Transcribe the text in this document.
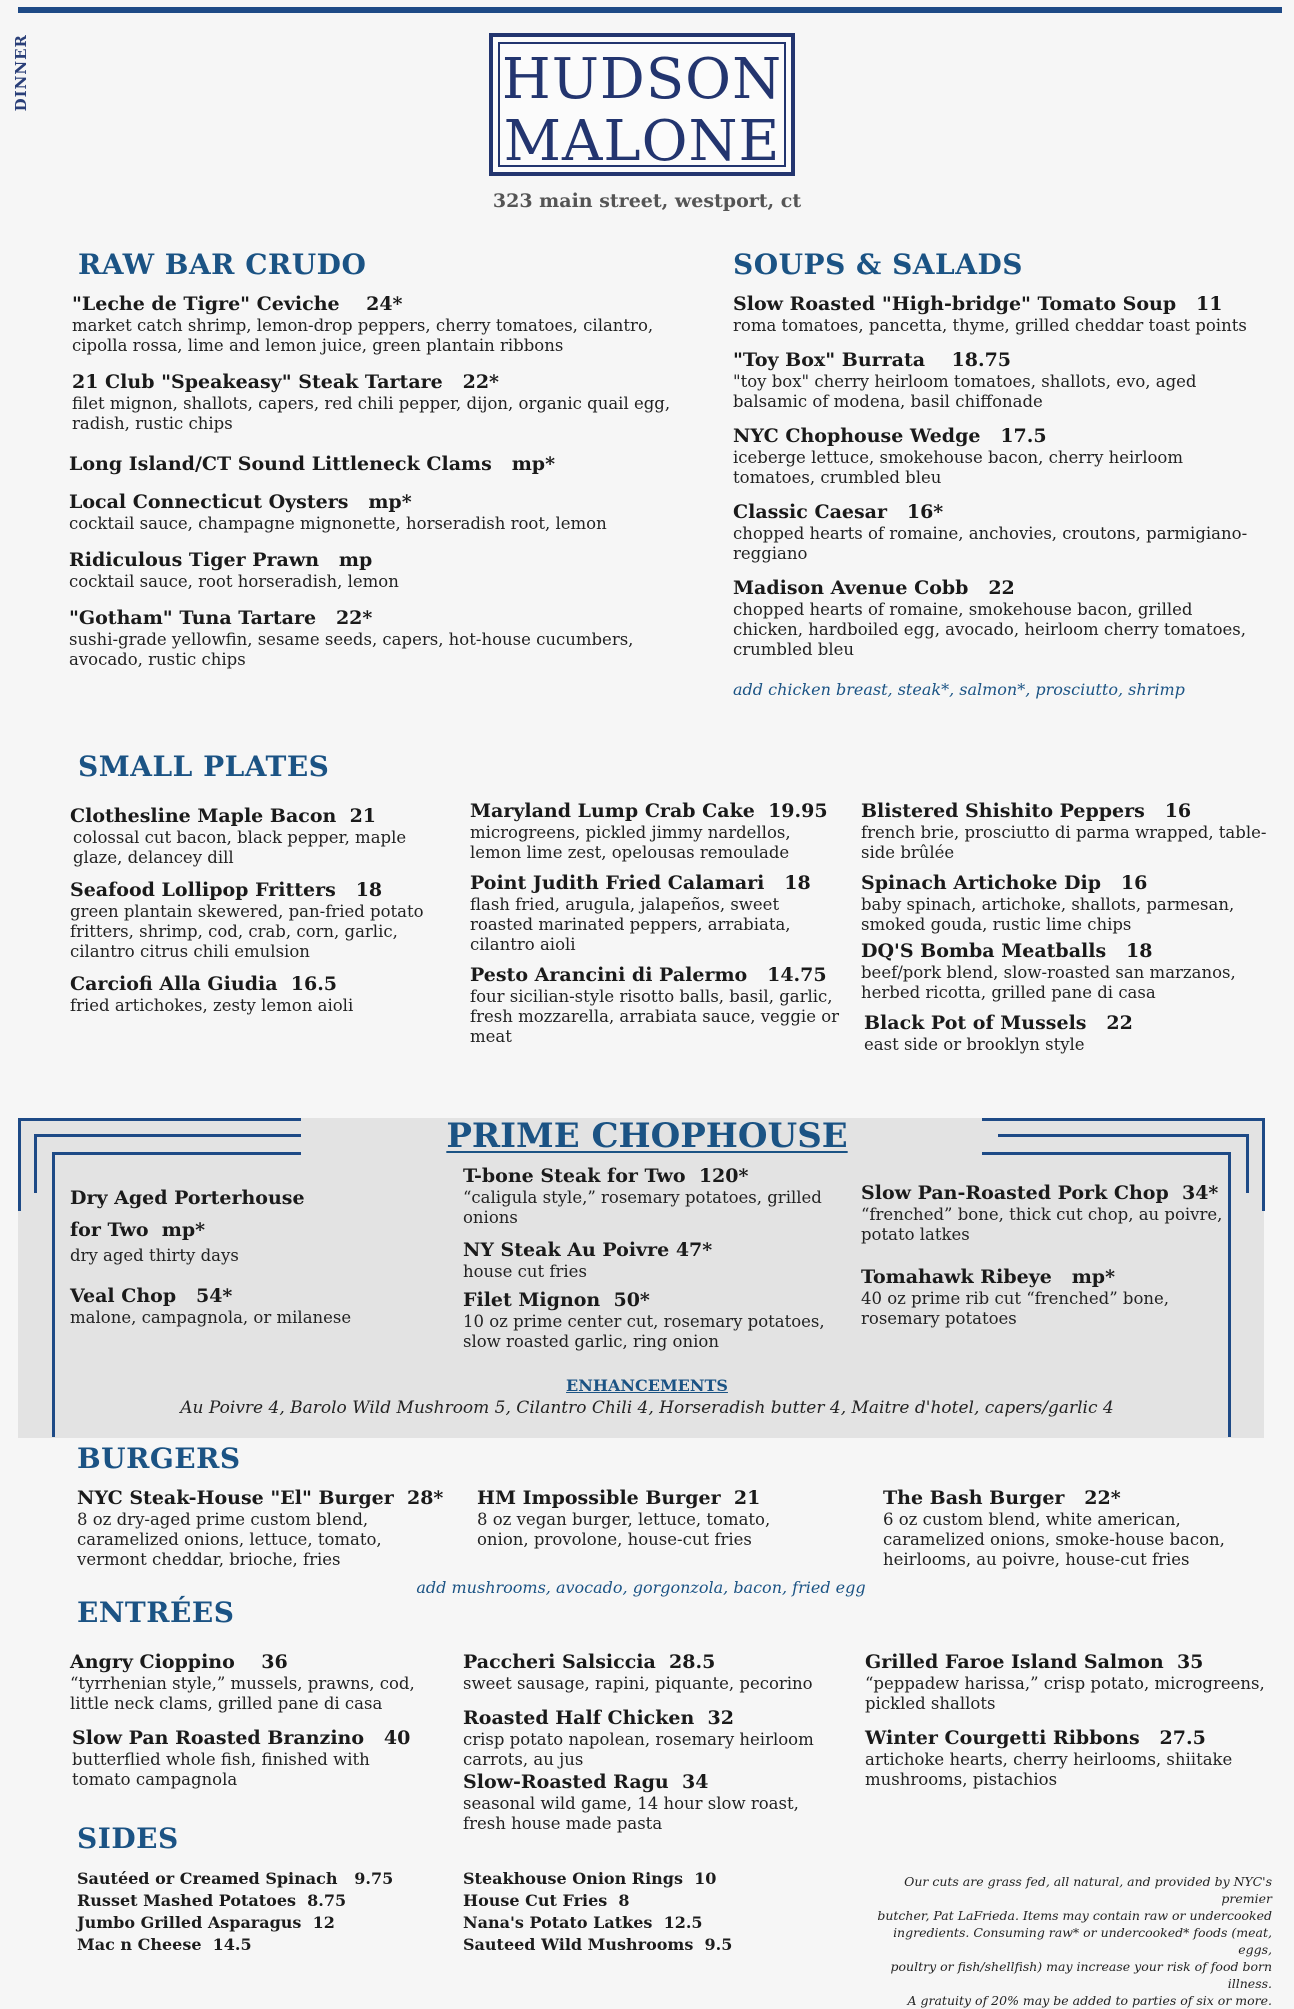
DINNER	HUDSON
MALONE
323 main street, westport, ct
RAW BAR CRUDO
"Leche de Tigre" Ceviche 24*
market catch shrimp, lemon-drop peppers, cherry tomatoes, cilantro, cipolla rossa, lime and lemon juice, green plantain ribbons
21 Club "Speakeasy" Steak Tartare 22*
filet mignon, shallots, capers, red chili pepper, dijon, organic quail egg, radish, rustic chips
Long Island/CT Sound Littleneck Clams mp*
Local Connecticut Oysters mp*
cocktail sauce, champagne mignonette, horseradish root, lemon
Ridiculous Tiger Prawn mp
cocktail sauce, root horseradish, lemon
"Gotham" Tuna Tartare 22*
sushi-grade yellowfin, sesame seeds, capers, hot-house cucumbers, avocado, rustic chips
SOUPS & SALADS
Slow Roasted "High-bridge" Tomato Soup 11
roma tomatoes, pancetta, thyme, grilled cheddar toast points
"Toy Box" Burrata 18.75
"toy box" cherry heirloom tomatoes, shallots, evo, aged balsamic of modena, basil chiffonade
NYC Chophouse Wedge 17.5
iceberge lettuce, smokehouse bacon, cherry heirloom tomatoes, crumbled bleu
Classic Caesar 16*
chopped hearts of romaine, anchovies, croutons, parmigiano-reggiano
Madison Avenue Cobb 22
chopped hearts of romaine, smokehouse bacon, grilled chicken, hardboiled egg, avocado, heirloom cherry tomatoes, crumbled bleu
add chicken breast, steak*, salmon*, prosciutto, shrimp
SMALL PLATES
Clothesline Maple Bacon 21
colossal cut bacon, black pepper, maple glaze, delancey dill
Seafood Lollipop Fritters 18
green plantain skewered, pan-fried potato fritters, shrimp, cod, crab, corn, garlic, cilantro citrus chili emulsion
Carciofi Alla Giudia 16.5
fried artichokes, zesty lemon aioli
Maryland Lump Crab Cake 19.95
microgreens, pickled jimmy nardellos, lemon lime zest, opelousas remoulade
Point Judith Fried Calamari 18
flash fried, arugula, jalapeños, sweet roasted marinated peppers, arrabiata, cilantro aioli
Pesto Arancini di Palermo 14.75
four sicilian-style risotto balls, basil, garlic, fresh mozzarella, arrabiata sauce, veggie or meat
Blistered Shishito Peppers 16
french brie, prosciutto di parma wrapped, table-side brûlée
Spinach Artichoke Dip 16
baby spinach, artichoke, shallots, parmesan, smoked gouda, rustic lime chips
DQ'S Bomba Meatballs 18
beef/pork blend, slow-roasted san marzanos, herbed ricotta, grilled pane di casa
Black Pot of Mussels 22
east side or brooklyn style
PRIME CHOPHOUSE
Dry Aged Porterhouse
for Two mp*
dry aged thirty days
Veal Chop 54*
malone, campagnola, or milanese
T-bone Steak for Two 120*
“caligula style,” rosemary potatoes, grilled onions
NY Steak Au Poivre 47*
house cut fries
Filet Mignon 50*
10 oz prime center cut, rosemary potatoes, slow roasted garlic, ring onion
Slow Pan-Roasted Pork Chop 34*
“frenched” bone, thick cut chop, au poivre, potato latkes
Tomahawk Ribeye mp*
40 oz prime rib cut “frenched” bone, rosemary potatoes
ENHANCEMENTS
Au Poivre 4, Barolo Wild Mushroom 5, Cilantro Chili 4, Horseradish butter 4, Maitre d'hotel, capers/garlic 4
BURGERS
NYC Steak-House "El" Burger 28*
8 oz dry-aged prime custom blend, caramelized onions, lettuce, tomato, vermont cheddar, brioche, fries
HM Impossible Burger 21
8 oz vegan burger, lettuce, tomato, onion, provolone, house-cut fries
The Bash Burger 22*
6 oz custom blend, white american, caramelized onions, smoke-house bacon, heirlooms, au poivre, house-cut fries
add mushrooms, avocado, gorgonzola, bacon, fried egg
ENTRÉES
Angry Cioppino 36
“tyrrhenian style,” mussels, prawns, cod, little neck clams, grilled pane di casa
Slow Pan Roasted Branzino 40
butterflied whole fish, finished with tomato campagnola
Paccheri Salsiccia 28.5
sweet sausage, rapini, piquante, pecorino
Roasted Half Chicken 32
crisp potato napolean, rosemary heirloom carrots, au jus
Slow-Roasted Ragu 34
seasonal wild game, 14 hour slow roast, fresh house made pasta
Grilled Faroe Island Salmon 35
“peppadew harissa,” crisp potato, microgreens, pickled shallots
Winter Courgetti Ribbons 27.5
artichoke hearts, cherry heirlooms, shiitake mushrooms, pistachios
SIDES
Sautéed or Creamed Spinach 9.75
Russet Mashed Potatoes 8.75
Jumbo Grilled Asparagus 12
Mac n Cheese 14.5
Steakhouse Onion Rings 10
House Cut Fries 8
Nana's Potato Latkes 12.5
Sauteed Wild Mushrooms 9.5
Our cuts are grass fed, all natural, and provided by NYC's premier
butcher, Pat LaFrieda. Items may contain raw or undercooked
ingredients. Consuming raw* or undercooked* foods (meat, eggs,
poultry or fish/shellfish) may increase your risk of food born illness.
A gratuity of 20% may be added to parties of six or more.
